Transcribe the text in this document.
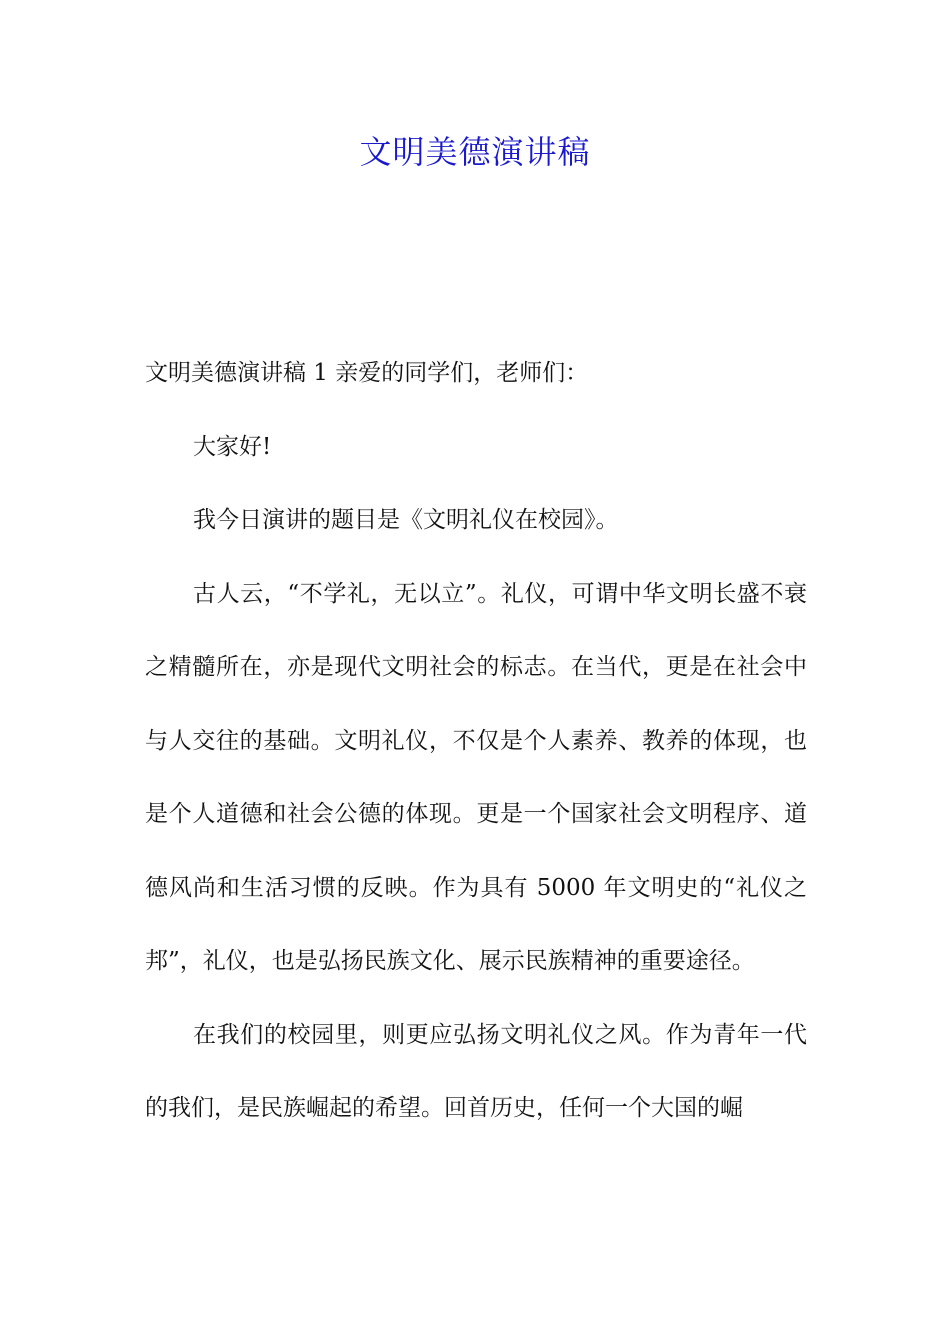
文明美德演讲稿

文明美德演讲稿 1 亲爱的同学们，老师们：

大家好!

我今日演讲的题目是《文明礼仪在校园》。

古人云，“不学礼，无以立”。礼仪，可谓中华文明长盛不衰之精髓所在，亦是现代文明社会的标志。在当代，更是在社会中与人交往的基础。文明礼仪，不仅是个人素养、教养的体现，也是个人道德和社会公德的体现。更是一个国家社会文明程序、道德风尚和生活习惯的反映。作为具有 5000 年文明史的“礼仪之邦”，礼仪，也是弘扬民族文化、展示民族精神的重要途径。

在我们的校园里，则更应弘扬文明礼仪之风。作为青年一代的我们，是民族崛起的希望。回首历史，任何一个大国的崛
